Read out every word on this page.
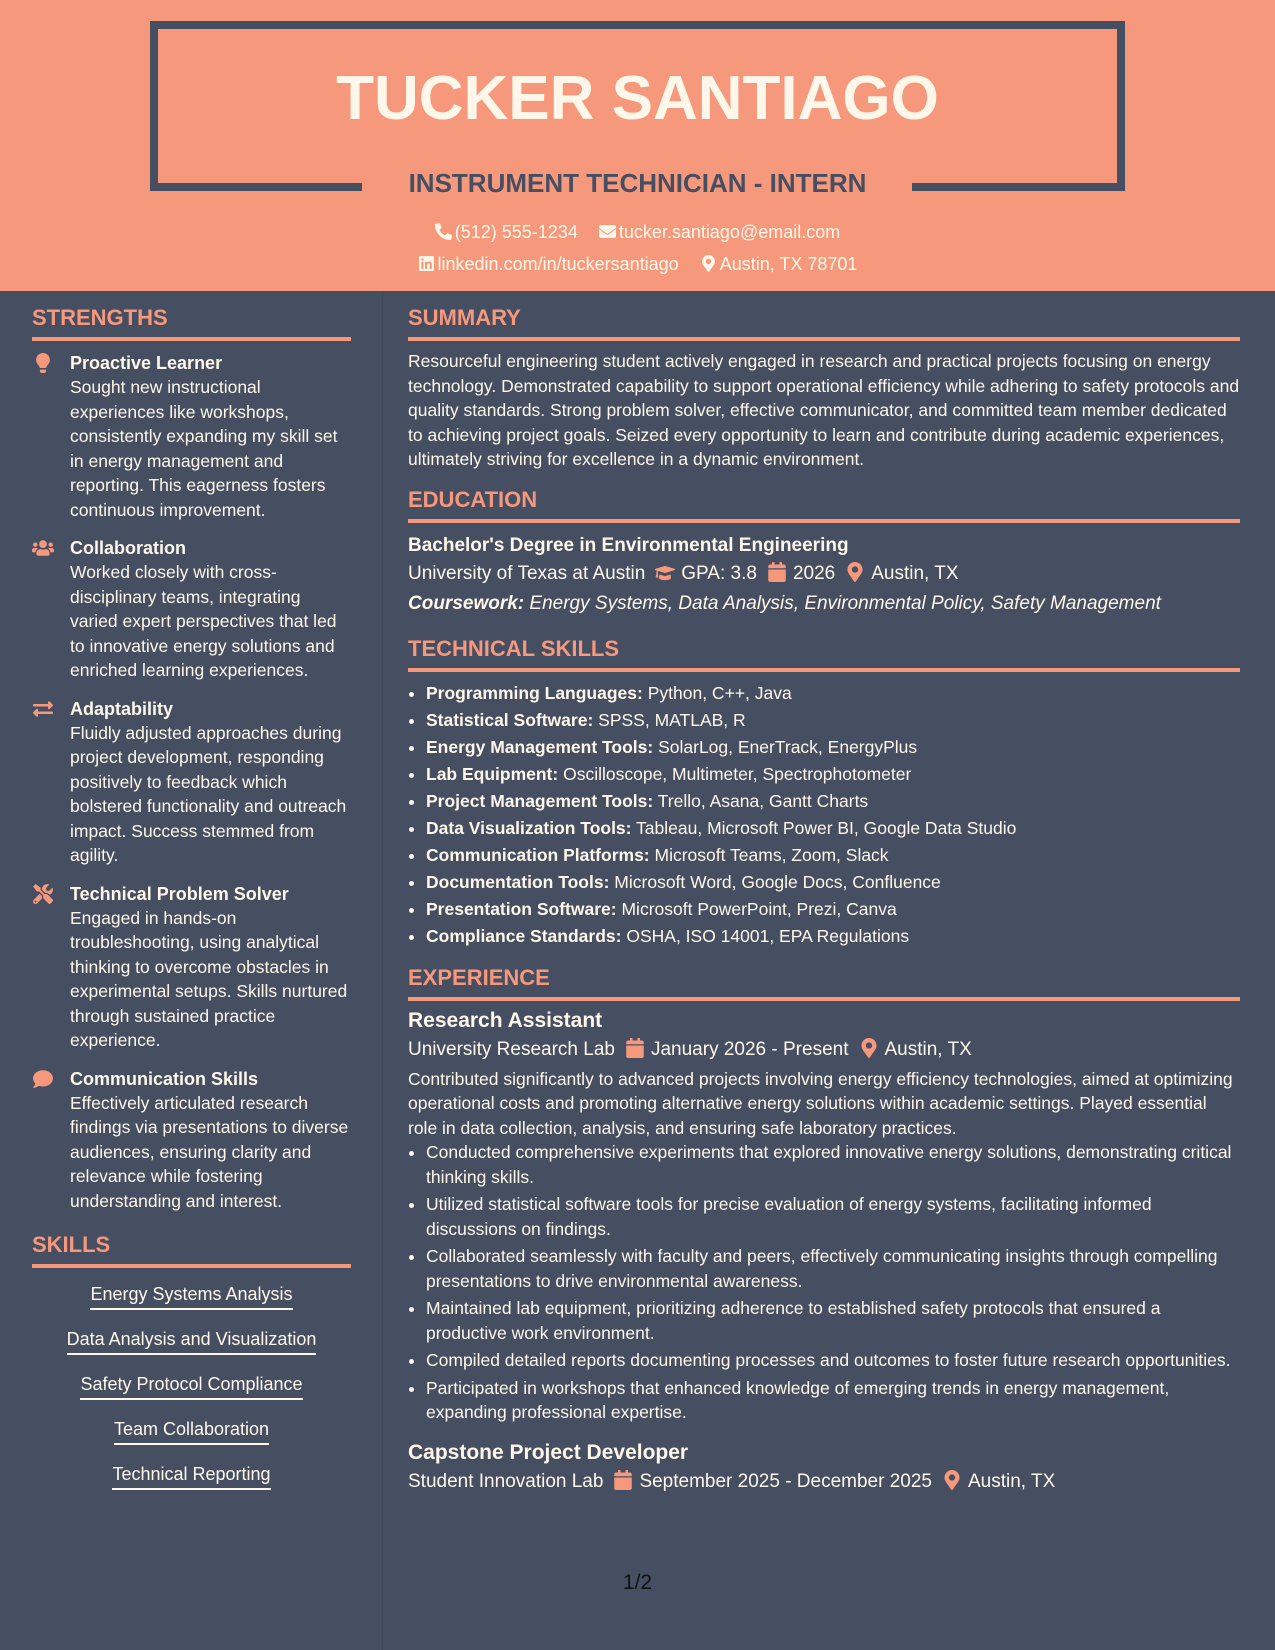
TUCKER SANTIAGO
INSTRUMENT TECHNICIAN - INTERN
(512) 555-1234 tucker.santiago@email.com
linkedin.com/in/tuckersantiago Austin, TX 78701
STRENGTHS
Proactive Learner
Sought new instructional experiences like workshops, consistently expanding my skill set in energy management and reporting. This eagerness fosters continuous improvement.
Collaboration
Worked closely with cross-disciplinary teams, integrating varied expert perspectives that led to innovative energy solutions and enriched learning experiences.
Adaptability
Fluidly adjusted approaches during project development, responding positively to feedback which bolstered functionality and outreach impact. Success stemmed from agility.
Technical Problem Solver
Engaged in hands-on troubleshooting, using analytical thinking to overcome obstacles in experimental setups. Skills nurtured through sustained practice experience.
Communication Skills
Effectively articulated research findings via presentations to diverse audiences, ensuring clarity and relevance while fostering understanding and interest.
SKILLS
Energy Systems Analysis
Data Analysis and Visualization
Safety Protocol Compliance
Team Collaboration
Technical Reporting
SUMMARY
Resourceful engineering student actively engaged in research and practical projects focusing on energy technology. Demonstrated capability to support operational efficiency while adhering to safety protocols and quality standards. Strong problem solver, effective communicator, and committed team member dedicated to achieving project goals. Seized every opportunity to learn and contribute during academic experiences, ultimately striving for excellence in a dynamic environment.
EDUCATION
Bachelor's Degree in Environmental Engineering
University of Texas at Austin GPA: 3.8 2026 Austin, TX
Coursework: Energy Systems, Data Analysis, Environmental Policy, Safety Management
TECHNICAL SKILLS
• Programming Languages: Python, C++, Java
• Statistical Software: SPSS, MATLAB, R
• Energy Management Tools: SolarLog, EnerTrack, EnergyPlus
• Lab Equipment: Oscilloscope, Multimeter, Spectrophotometer
• Project Management Tools: Trello, Asana, Gantt Charts
• Data Visualization Tools: Tableau, Microsoft Power BI, Google Data Studio
• Communication Platforms: Microsoft Teams, Zoom, Slack
• Documentation Tools: Microsoft Word, Google Docs, Confluence
• Presentation Software: Microsoft PowerPoint, Prezi, Canva
• Compliance Standards: OSHA, ISO 14001, EPA Regulations
EXPERIENCE
Research Assistant
University Research Lab January 2026 - Present Austin, TX
Contributed significantly to advanced projects involving energy efficiency technologies, aimed at optimizing operational costs and promoting alternative energy solutions within academic settings. Played essential role in data collection, analysis, and ensuring safe laboratory practices.
• Conducted comprehensive experiments that explored innovative energy solutions, demonstrating critical thinking skills.
• Utilized statistical software tools for precise evaluation of energy systems, facilitating informed discussions on findings.
• Collaborated seamlessly with faculty and peers, effectively communicating insights through compelling presentations to drive environmental awareness.
• Maintained lab equipment, prioritizing adherence to established safety protocols that ensured a productive work environment.
• Compiled detailed reports documenting processes and outcomes to foster future research opportunities.
• Participated in workshops that enhanced knowledge of emerging trends in energy management, expanding professional expertise.
Capstone Project Developer
Student Innovation Lab September 2025 - December 2025 Austin, TX
1/2
